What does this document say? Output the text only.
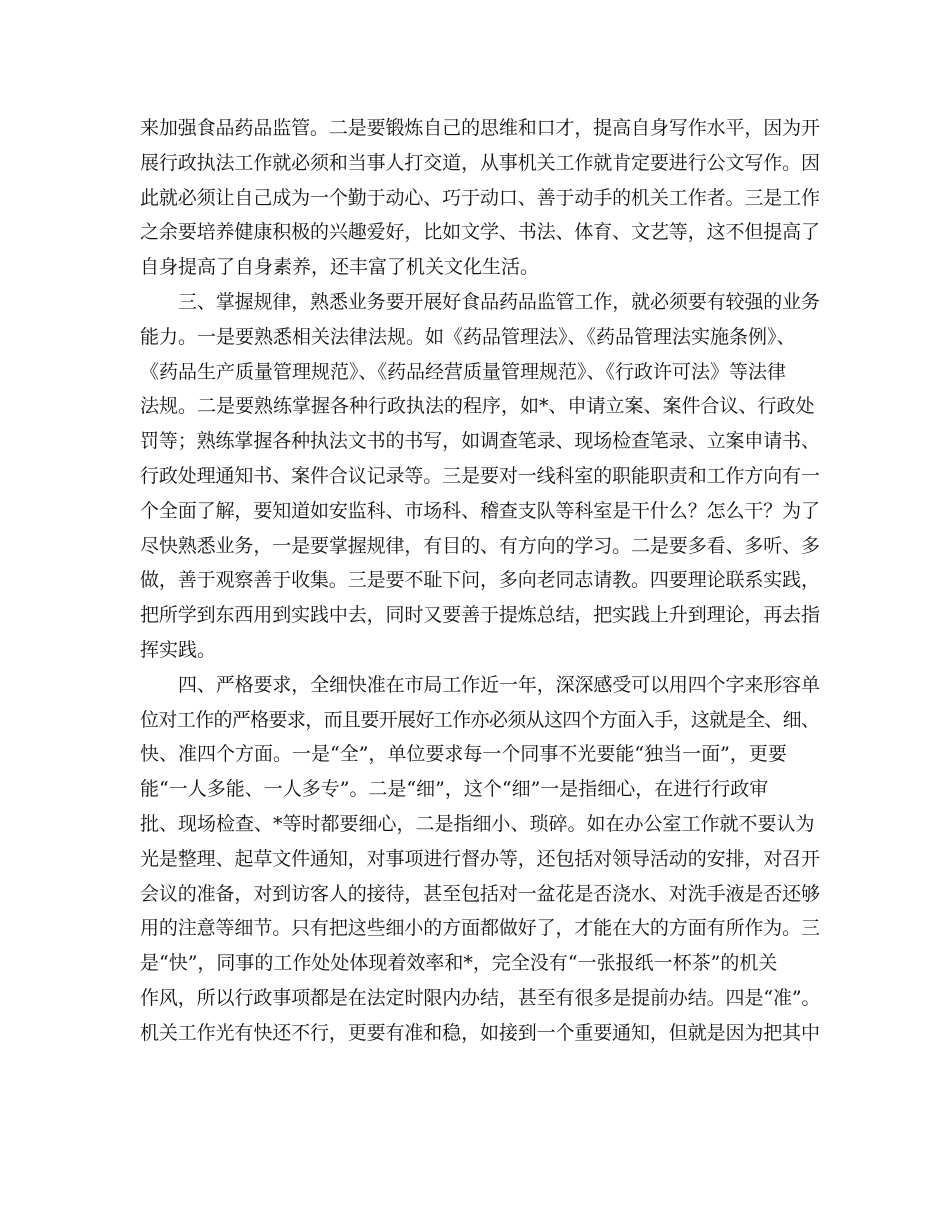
来加强食品药品监管。二是要锻炼自己的思维和口才，提高自身写作水平，因为开
展行政执法工作就必须和当事人打交道，从事机关工作就肯定要进行公文写作。因
此就必须让自己成为一个勤于动心、巧于动口、善于动手的机关工作者。三是工作
之余要培养健康积极的兴趣爱好，比如文学、书法、体育、文艺等，这不但提高了
自身提高了自身素养，还丰富了机关文化生活。
三、掌握规律，熟悉业务要开展好食品药品监管工作，就必须要有较强的业务
能力。一是要熟悉相关法律法规。如《药品管理法》、《药品管理法实施条例》、
《药品生产质量管理规范》、《药品经营质量管理规范》、《行政许可法》等法律
法规。二是要熟练掌握各种行政执法的程序，如*、申请立案、案件合议、行政处
罚等；熟练掌握各种执法文书的书写，如调查笔录、现场检查笔录、立案申请书、
行政处理通知书、案件合议记录等。三是要对一线科室的职能职责和工作方向有一
个全面了解，要知道如安监科、市场科、稽查支队等科室是干什么？怎么干？为了
尽快熟悉业务，一是要掌握规律，有目的、有方向的学习。二是要多看、多听、多
做，善于观察善于收集。三是要不耻下问，多向老同志请教。四要理论联系实践，
把所学到东西用到实践中去，同时又要善于提炼总结，把实践上升到理论，再去指
挥实践。
四、严格要求，全细快准在市局工作近一年，深深感受可以用四个字来形容单
位对工作的严格要求，而且要开展好工作亦必须从这四个方面入手，这就是全、细、
快、准四个方面。一是“全”，单位要求每一个同事不光要能“独当一面”，更要
能“一人多能、一人多专”。二是“细”，这个“细”一是指细心，在进行行政审
批、现场检查、*等时都要细心，二是指细小、琐碎。如在办公室工作就不要认为
光是整理、起草文件通知，对事项进行督办等，还包括对领导活动的安排，对召开
会议的准备，对到访客人的接待，甚至包括对一盆花是否浇水、对洗手液是否还够
用的注意等细节。只有把这些细小的方面都做好了，才能在大的方面有所作为。三
是“快”，同事的工作处处体现着效率和*，完全没有“一张报纸一杯茶”的机关
作风，所以行政事项都是在法定时限内办结，甚至有很多是提前办结。四是“准”。
机关工作光有快还不行，更要有准和稳，如接到一个重要通知，但就是因为把其中
